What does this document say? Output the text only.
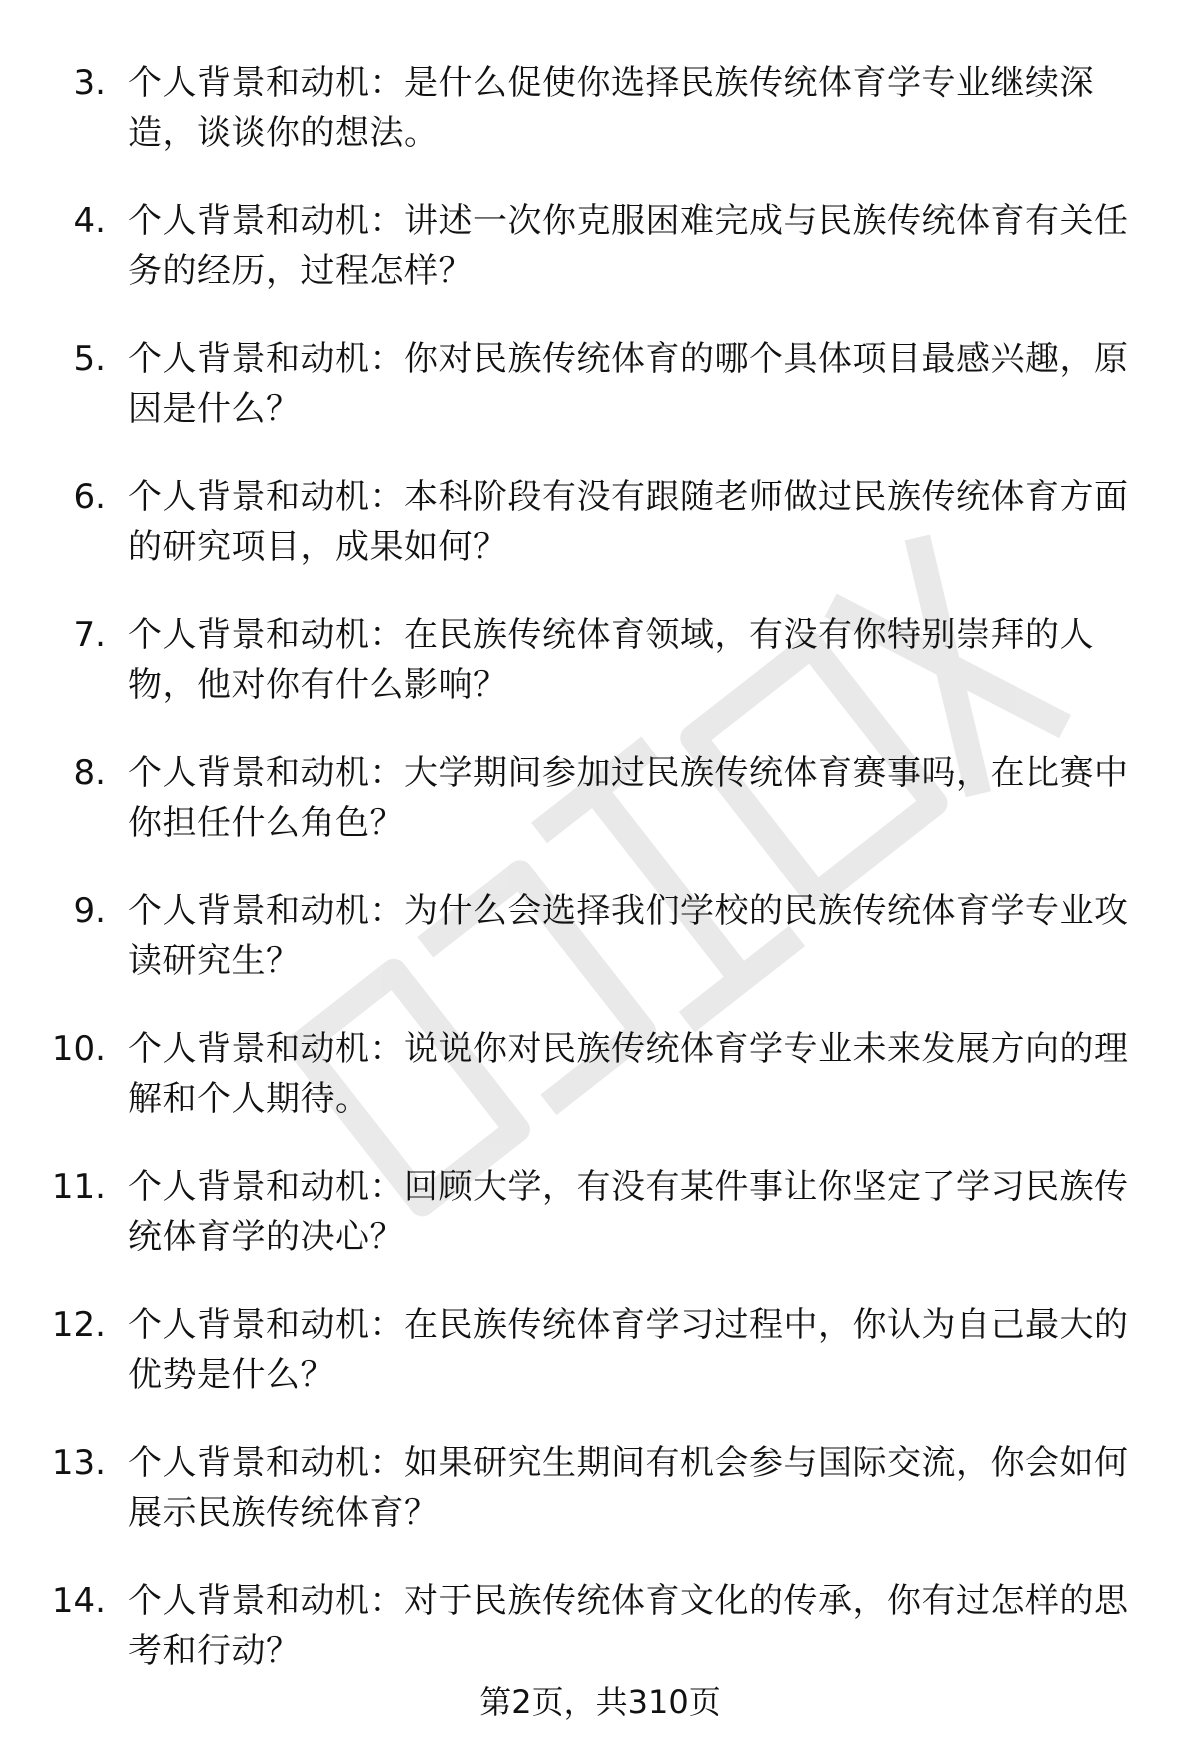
3. 个人背景和动机：是什么促使你选择民族传统体育学专业继续深造，谈谈你的想法。
4. 个人背景和动机：讲述一次你克服困难完成与民族传统体育有关任务的经历，过程怎样？
5. 个人背景和动机：你对民族传统体育的哪个具体项目最感兴趣，原因是什么？
6. 个人背景和动机：本科阶段有没有跟随老师做过民族传统体育方面的研究项目，成果如何？
7. 个人背景和动机：在民族传统体育领域，有没有你特别崇拜的人物，他对你有什么影响？
8. 个人背景和动机：大学期间参加过民族传统体育赛事吗，在比赛中你担任什么角色？
9. 个人背景和动机：为什么会选择我们学校的民族传统体育学专业攻读研究生？
10. 个人背景和动机：说说你对民族传统体育学专业未来发展方向的理解和个人期待。
11. 个人背景和动机：回顾大学，有没有某件事让你坚定了学习民族传统体育学的决心？
12. 个人背景和动机：在民族传统体育学习过程中，你认为自己最大的优势是什么？
13. 个人背景和动机：如果研究生期间有机会参与国际交流，你会如何展示民族传统体育？
14. 个人背景和动机：对于民族传统体育文化的传承，你有过怎样的思考和行动？
第2页，共310页
